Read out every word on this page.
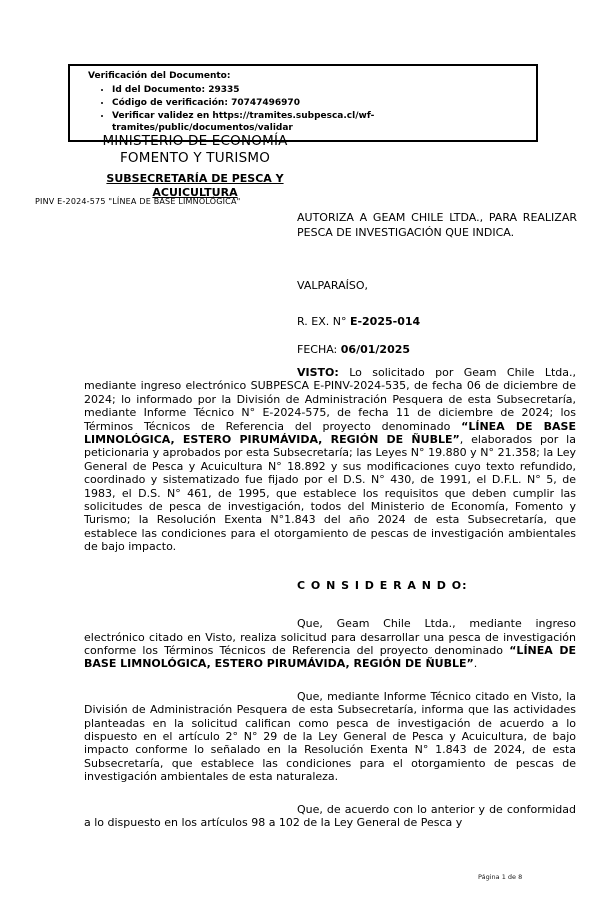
Verificación del Documento:
• Id del Documento: 29335
• Código de verificación: 70747496970
• Verificar validez en https://tramites.subpesca.cl/wf-tramites/public/documentos/validar
MINISTERIO DE ECONOMÍA
FOMENTO Y TURISMO
SUBSECRETARÍA DE PESCA Y
ACUICULTURA
PINV E-2024-575 "LÍNEA DE BASE LIMNOLÓGICA"
AUTORIZA A GEAM CHILE LTDA., PARA REALIZAR PESCA DE INVESTIGACIÓN QUE INDICA.
VALPARAÍSO,
R. EX. N° E-2025-014
FECHA: 06/01/2025

VISTO: Lo solicitado por Geam Chile Ltda., mediante ingreso electrónico SUBPESCA E-PINV-2024-535, de fecha 06 de diciembre de 2024; lo informado por la División de Administración Pesquera de esta Subsecretaría, mediante Informe Técnico N° E-2024-575, de fecha 11 de diciembre de 2024; los Términos Técnicos de Referencia del proyecto denominado “LÍNEA DE BASE LIMNOLÓGICA, ESTERO PIRUMÁVIDA, REGIÓN DE ÑUBLE”, elaborados por la peticionaria y aprobados por esta Subsecretaría; las Leyes N° 19.880 y N° 21.358; la Ley General de Pesca y Acuicultura N° 18.892 y sus modificaciones cuyo texto refundido, coordinado y sistematizado fue fijado por el D.S. N° 430, de 1991, el D.F.L. N° 5, de 1983, el D.S. N° 461, de 1995, que establece los requisitos que deben cumplir las solicitudes de pesca de investigación, todos del Ministerio de Economía, Fomento y Turismo; la Resolución Exenta N°1.843 del año 2024 de esta Subsecretaría, que establece las condiciones para el otorgamiento de pescas de investigación ambientales de bajo impacto.

C O N S I D E R A N D O:

Que, Geam Chile Ltda., mediante ingreso electrónico citado en Visto, realiza solicitud para desarrollar una pesca de investigación conforme los Términos Técnicos de Referencia del proyecto denominado “LÍNEA DE BASE LIMNOLÓGICA, ESTERO PIRUMÁVIDA, REGIÓN DE ÑUBLE”.

Que, mediante Informe Técnico citado en Visto, la División de Administración Pesquera de esta Subsecretaría, informa que las actividades planteadas en la solicitud califican como pesca de investigación de acuerdo a lo dispuesto en el artículo 2° N° 29 de la Ley General de Pesca y Acuicultura, de bajo impacto conforme lo señalado en la Resolución Exenta N° 1.843 de 2024, de esta Subsecretaría, que establece las condiciones para el otorgamiento de pescas de investigación ambientales de esta naturaleza.

Que, de acuerdo con lo anterior y de conformidad a lo dispuesto en los artículos 98 a 102 de la Ley General de Pesca y

Página 1 de 8
